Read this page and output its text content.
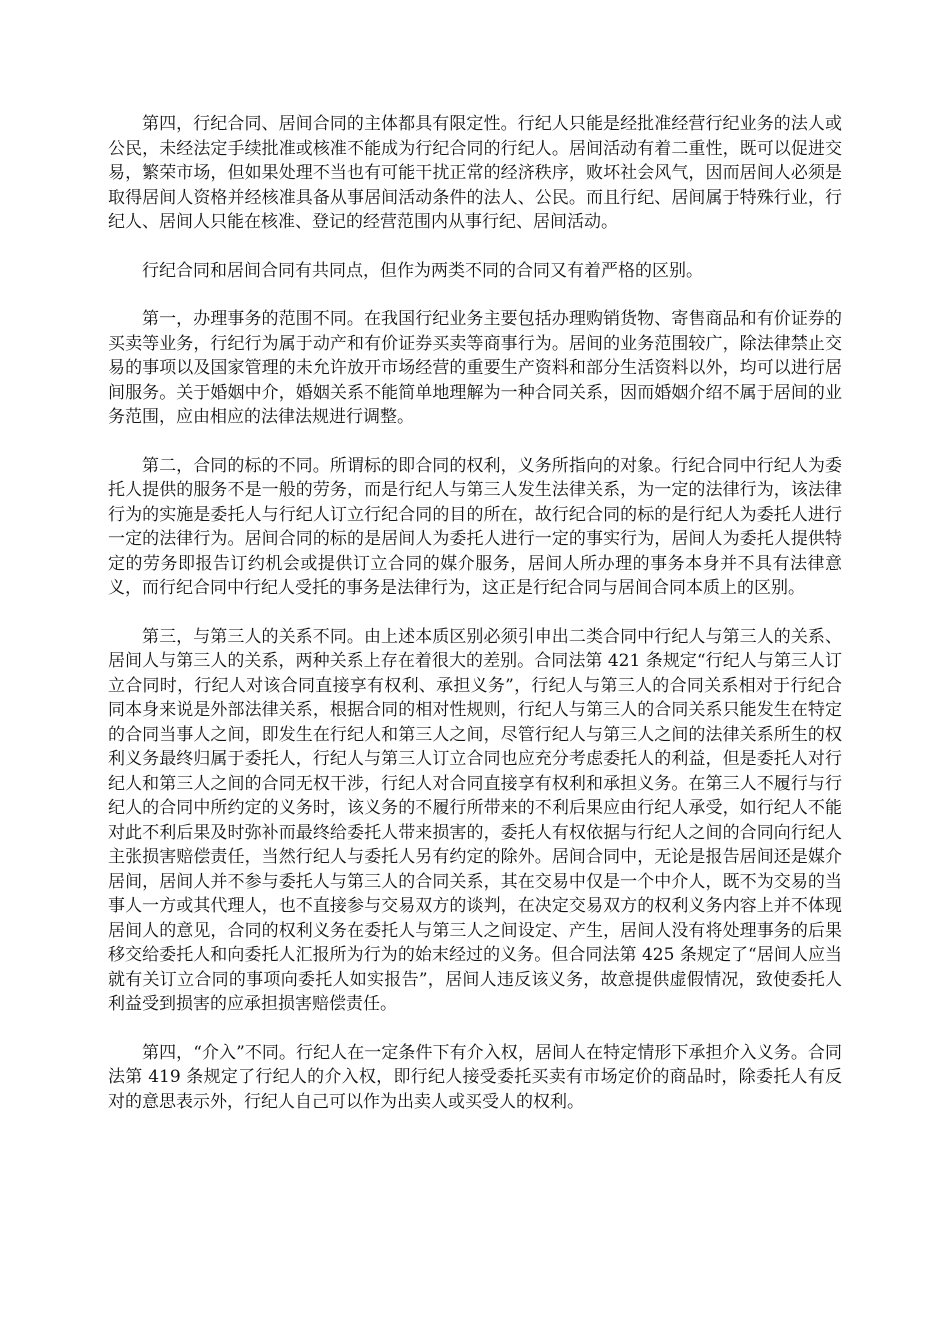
第四，行纪合同、居间合同的主体都具有限定性。行纪人只能是经批准经营行纪业务的法人或公民，未经法定手续批准或核准不能成为行纪合同的行纪人。居间活动有着二重性，既可以促进交易，繁荣市场，但如果处理不当也有可能干扰正常的经济秩序，败坏社会风气，因而居间人必须是取得居间人资格并经核准具备从事居间活动条件的法人、公民。而且行纪、居间属于特殊行业，行纪人、居间人只能在核准、登记的经营范围内从事行纪、居间活动。

行纪合同和居间合同有共同点，但作为两类不同的合同又有着严格的区别。

第一，办理事务的范围不同。在我国行纪业务主要包括办理购销货物、寄售商品和有价证券的买卖等业务，行纪行为属于动产和有价证券买卖等商事行为。居间的业务范围较广，除法律禁止交易的事项以及国家管理的未允许放开市场经营的重要生产资料和部分生活资料以外，均可以进行居间服务。关于婚姻中介，婚姻关系不能简单地理解为一种合同关系，因而婚姻介绍不属于居间的业务范围，应由相应的法律法规进行调整。

第二，合同的标的不同。所谓标的即合同的权利，义务所指向的对象。行纪合同中行纪人为委托人提供的服务不是一般的劳务，而是行纪人与第三人发生法律关系，为一定的法律行为，该法律行为的实施是委托人与行纪人订立行纪合同的目的所在，故行纪合同的标的是行纪人为委托人进行一定的法律行为。居间合同的标的是居间人为委托人进行一定的事实行为，居间人为委托人提供特定的劳务即报告订约机会或提供订立合同的媒介服务，居间人所办理的事务本身并不具有法律意义，而行纪合同中行纪人受托的事务是法律行为，这正是行纪合同与居间合同本质上的区别。

第三，与第三人的关系不同。由上述本质区别必须引申出二类合同中行纪人与第三人的关系、居间人与第三人的关系，两种关系上存在着很大的差别。合同法第 421 条规定“行纪人与第三人订立合同时，行纪人对该合同直接享有权利、承担义务”，行纪人与第三人的合同关系相对于行纪合同本身来说是外部法律关系，根据合同的相对性规则，行纪人与第三人的合同关系只能发生在特定的合同当事人之间，即发生在行纪人和第三人之间，尽管行纪人与第三人之间的法律关系所生的权利义务最终归属于委托人，行纪人与第三人订立合同也应充分考虑委托人的利益，但是委托人对行纪人和第三人之间的合同无权干涉，行纪人对合同直接享有权利和承担义务。在第三人不履行与行纪人的合同中所约定的义务时，该义务的不履行所带来的不利后果应由行纪人承受，如行纪人不能对此不利后果及时弥补而最终给委托人带来损害的，委托人有权依据与行纪人之间的合同向行纪人主张损害赔偿责任，当然行纪人与委托人另有约定的除外。居间合同中，无论是报告居间还是媒介居间，居间人并不参与委托人与第三人的合同关系，其在交易中仅是一个中介人，既不为交易的当事人一方或其代理人，也不直接参与交易双方的谈判，在决定交易双方的权利义务内容上并不体现居间人的意见，合同的权利义务在委托人与第三人之间设定、产生，居间人没有将处理事务的后果移交给委托人和向委托人汇报所为行为的始末经过的义务。但合同法第 425 条规定了“居间人应当就有关订立合同的事项向委托人如实报告”，居间人违反该义务，故意提供虚假情况，致使委托人利益受到损害的应承担损害赔偿责任。

第四，“介入”不同。行纪人在一定条件下有介入权，居间人在特定情形下承担介入义务。合同法第 419 条规定了行纪人的介入权，即行纪人接受委托买卖有市场定价的商品时，除委托人有反对的意思表示外，行纪人自己可以作为出卖人或买受人的权利。
